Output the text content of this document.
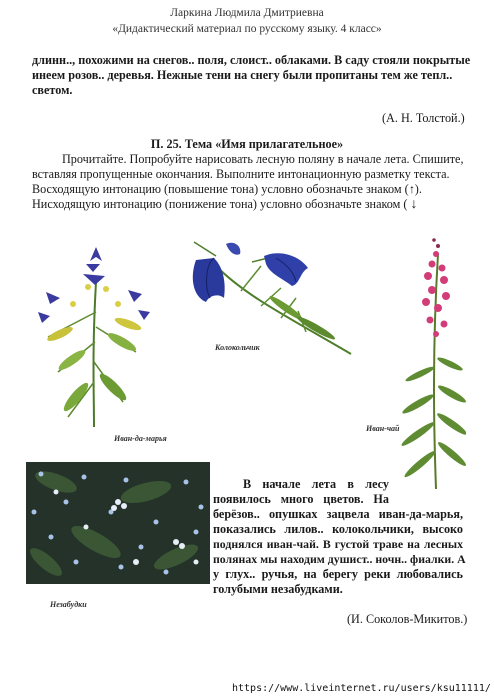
Ларкина Людмила Дмитриевна
«Дидактический материал по русскому языку. 4 класс»
длинн.., похожими на снегов.. поля, слоист.. облаками. В саду стояли покрытые
инеем розов.. деревья. Нежные тени на снегу были пропитаны тем же тепл..
светом.
(А. Н. Толстой.)
П. 25. Тема «Имя прилагательное»
Прочитайте. Попробуйте нарисовать лесную поляну в начале лета. Спишите,
вставляя пропущенные окончания. Выполните интонационную разметку текста.
Восходящую интонацию (повышение тона) условно обозначьте знаком (↑).
Нисходящую интонацию (понижение тона) условно обозначьте знаком ( ↓
Иван-да-марья
Колокольчик
Иван-чай
Незабудки
В начале лета в лесу
появилось много цветов. На
берёзов.. опушках зацвела иван-да-марья,
показались лилов.. колокольчики, высоко
поднялся иван-чай. В густой траве на лесных
полянах мы находим душист.. ночн.. фиалки. А
у глух.. ручья, на берегу реки любовались
голубыми незабудками.
(И. Соколов-Микитов.)
https://www.liveinternet.ru/users/ksu11111/
